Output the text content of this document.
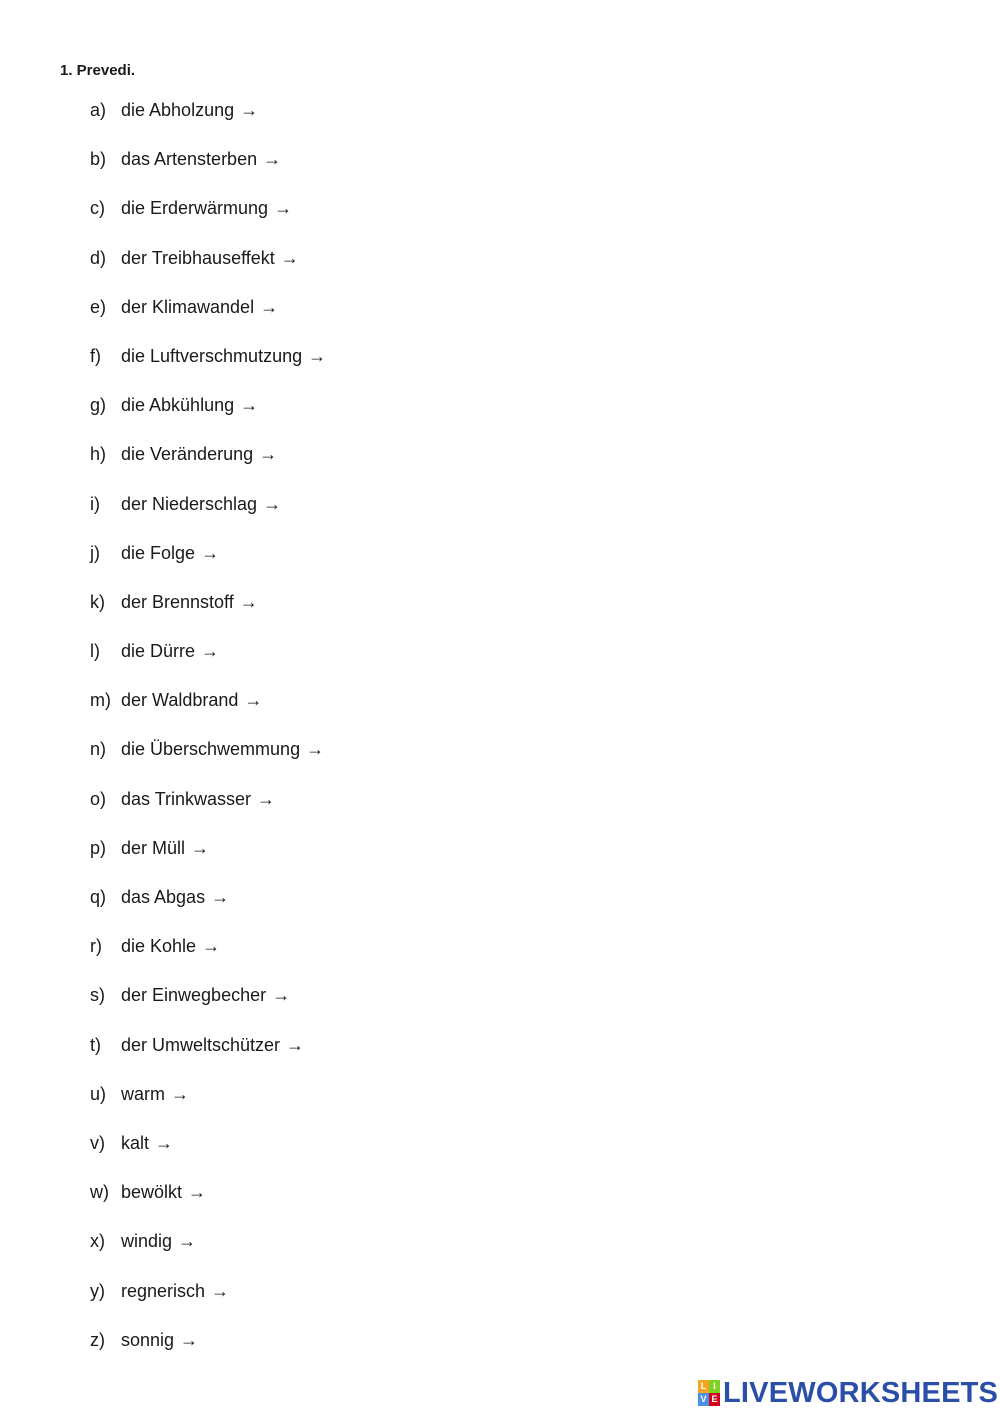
1. Prevedi.
a) die Abholzung →
b) das Artensterben →
c) die Erderwärmung →
d) der Treibhauseffekt →
e) der Klimawandel →
f)	die Luftverschmutzung →
g) die Abkühlung →
h) die Veränderung →
i)	der Niederschlag →
j)	die Folge →
k) der Brennstoff →
l)	die Dürre →
m) der Waldbrand →
n) die Überschwemmung →
o) das Trinkwasser →
p) der Müll →
q) das Abgas →
r)	die Kohle →
s) der Einwegbecher →
t)	der Umweltschützer →
u) warm →
v) kalt →
w) bewölkt →
x) windig →
y) regnerisch →
z) sonnig →
L I
V E LIVEWORKSHEETS
